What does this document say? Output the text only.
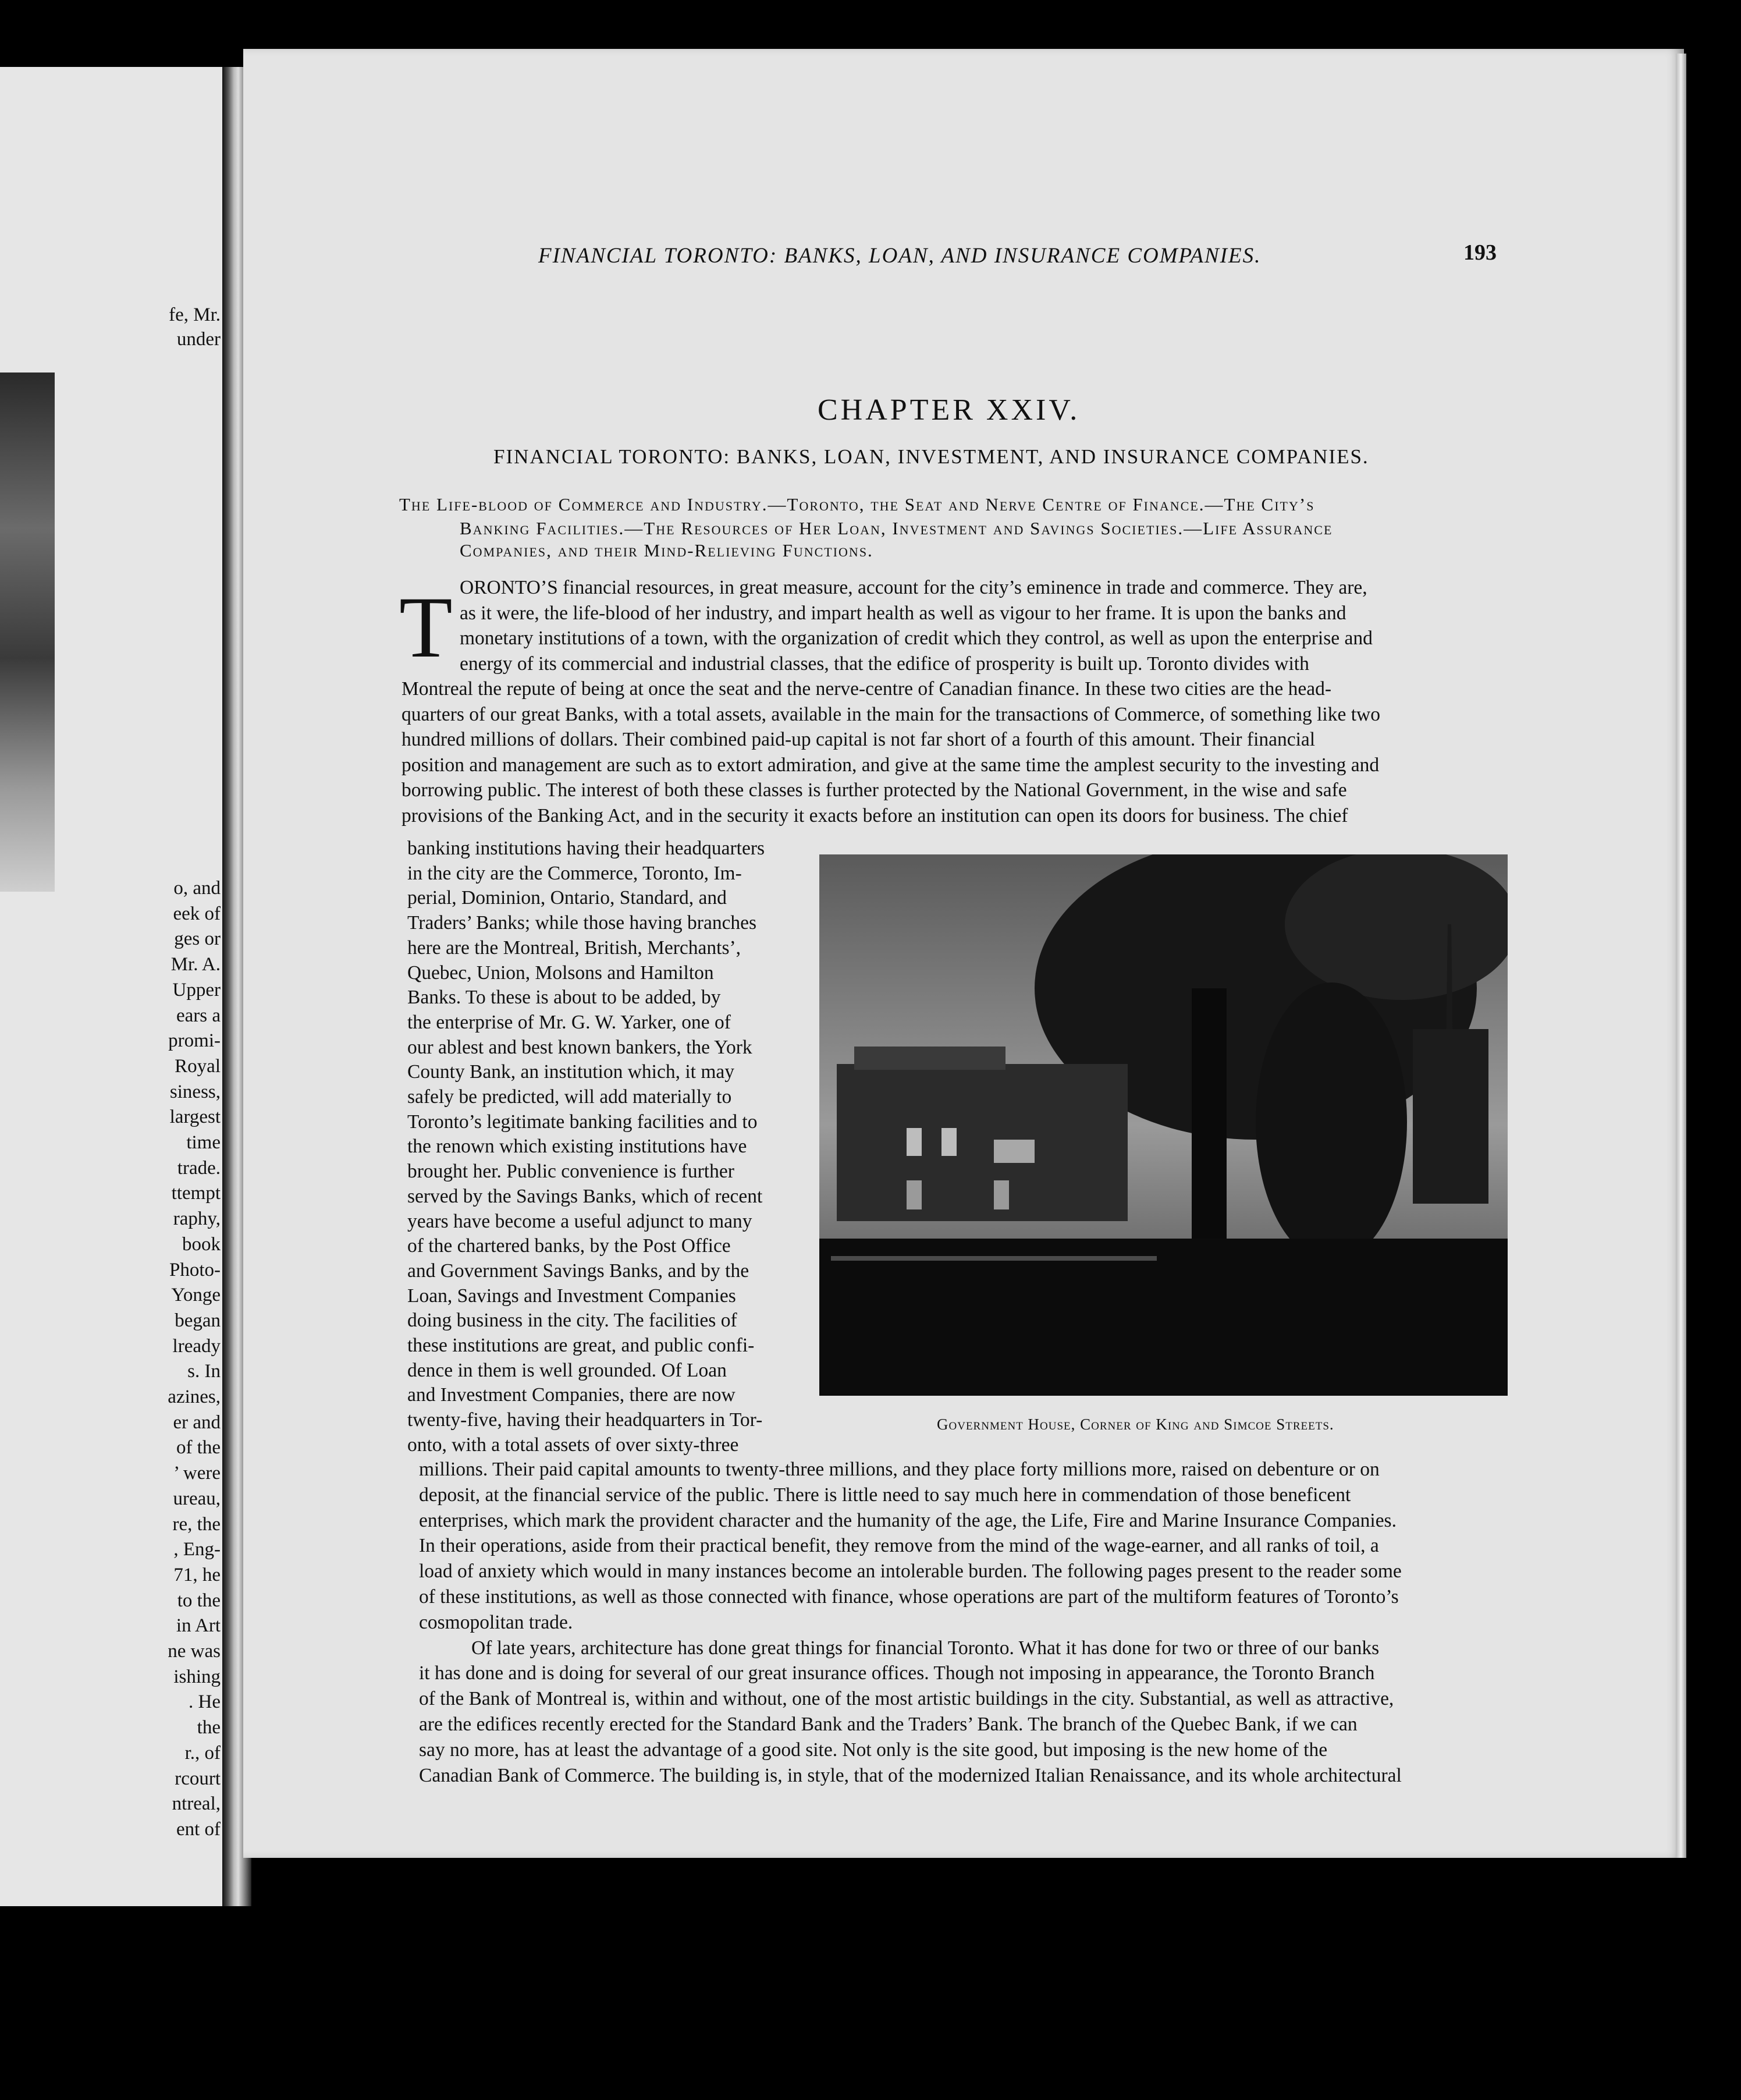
fe, Mr.
under
o, and
eek of
ges or
Mr. A.
Upper
ears a
promi-
Royal
siness,
largest
time
trade.
ttempt
raphy,
book
Photo-
Yonge
began
lready
s. In
azines,
er and
of the
’ were
ureau,
re, the
, Eng-
71, he
to the
in Art
ne was
ishing
. He
the
r., of
rcourt
ntreal,
ent of
FINANCIAL TORONTO: BANKS, LOAN, AND INSURANCE COMPANIES.	193
CHAPTER XXIV.
FINANCIAL TORONTO: BANKS, LOAN, INVESTMENT, AND INSURANCE COMPANIES.
The Life-blood of Commerce and Industry.—Toronto, the Seat and Nerve Centre of Finance.—The City’s
Banking Facilities.—The Resources of Her Loan, Investment and Savings Societies.—Life Assurance
Companies, and their Mind-Relieving Functions.
T ORONTO’S financial resources, in great measure, account for the city’s eminence in trade and commerce. They are,
as it were, the life-blood of her industry, and impart health as well as vigour to her frame. It is upon the banks and
monetary institutions of a town, with the organization of credit which they control, as well as upon the enterprise and
energy of its commercial and industrial classes, that the edifice of prosperity is built up. Toronto divides with
Montreal the repute of being at once the seat and the nerve-centre of Canadian finance. In these two cities are the head-
quarters of our great Banks, with a total assets, available in the main for the transactions of Commerce, of something like two
hundred millions of dollars. Their combined paid-up capital is not far short of a fourth of this amount. Their financial
position and management are such as to extort admiration, and give at the same time the amplest security to the investing and
borrowing public. The interest of both these classes is further protected by the National Government, in the wise and safe
provisions of the Banking Act, and in the security it exacts before an institution can open its doors for business. The chief
banking institutions having their headquarters
in the city are the Commerce, Toronto, Im-
perial, Dominion, Ontario, Standard, and
Traders’ Banks; while those having branches
here are the Montreal, British, Merchants’,
Quebec, Union, Molsons and Hamilton
Banks. To these is about to be added, by
the enterprise of Mr. G. W. Yarker, one of
our ablest and best known bankers, the York
County Bank, an institution which, it may
safely be predicted, will add materially to
Toronto’s legitimate banking facilities and to
the renown which existing institutions have
brought her. Public convenience is further
served by the Savings Banks, which of recent
years have become a useful adjunct to many
of the chartered banks, by the Post Office
and Government Savings Banks, and by the
Loan, Savings and Investment Companies
doing business in the city. The facilities of
these institutions are great, and public confi-
dence in them is well grounded. Of Loan
and Investment Companies, there are now
twenty-five, having their headquarters in Tor-
onto, with a total assets of over sixty-three
Government House, Corner of King and Simcoe Streets.
millions. Their paid capital amounts to twenty-three millions, and they place forty millions more, raised on debenture or on
deposit, at the financial service of the public. There is little need to say much here in commendation of those beneficent
enterprises, which mark the provident character and the humanity of the age, the Life, Fire and Marine Insurance Companies.
In their operations, aside from their practical benefit, they remove from the mind of the wage-earner, and all ranks of toil, a
load of anxiety which would in many instances become an intolerable burden. The following pages present to the reader some
of these institutions, as well as those connected with finance, whose operations are part of the multiform features of Toronto’s
cosmopolitan trade.
Of late years, architecture has done great things for financial Toronto. What it has done for two or three of our banks
it has done and is doing for several of our great insurance offices. Though not imposing in appearance, the Toronto Branch
of the Bank of Montreal is, within and without, one of the most artistic buildings in the city. Substantial, as well as attractive,
are the edifices recently erected for the Standard Bank and the Traders’ Bank. The branch of the Quebec Bank, if we can
say no more, has at least the advantage of a good site. Not only is the site good, but imposing is the new home of the
Canadian Bank of Commerce. The building is, in style, that of the modernized Italian Renaissance, and its whole architectural
